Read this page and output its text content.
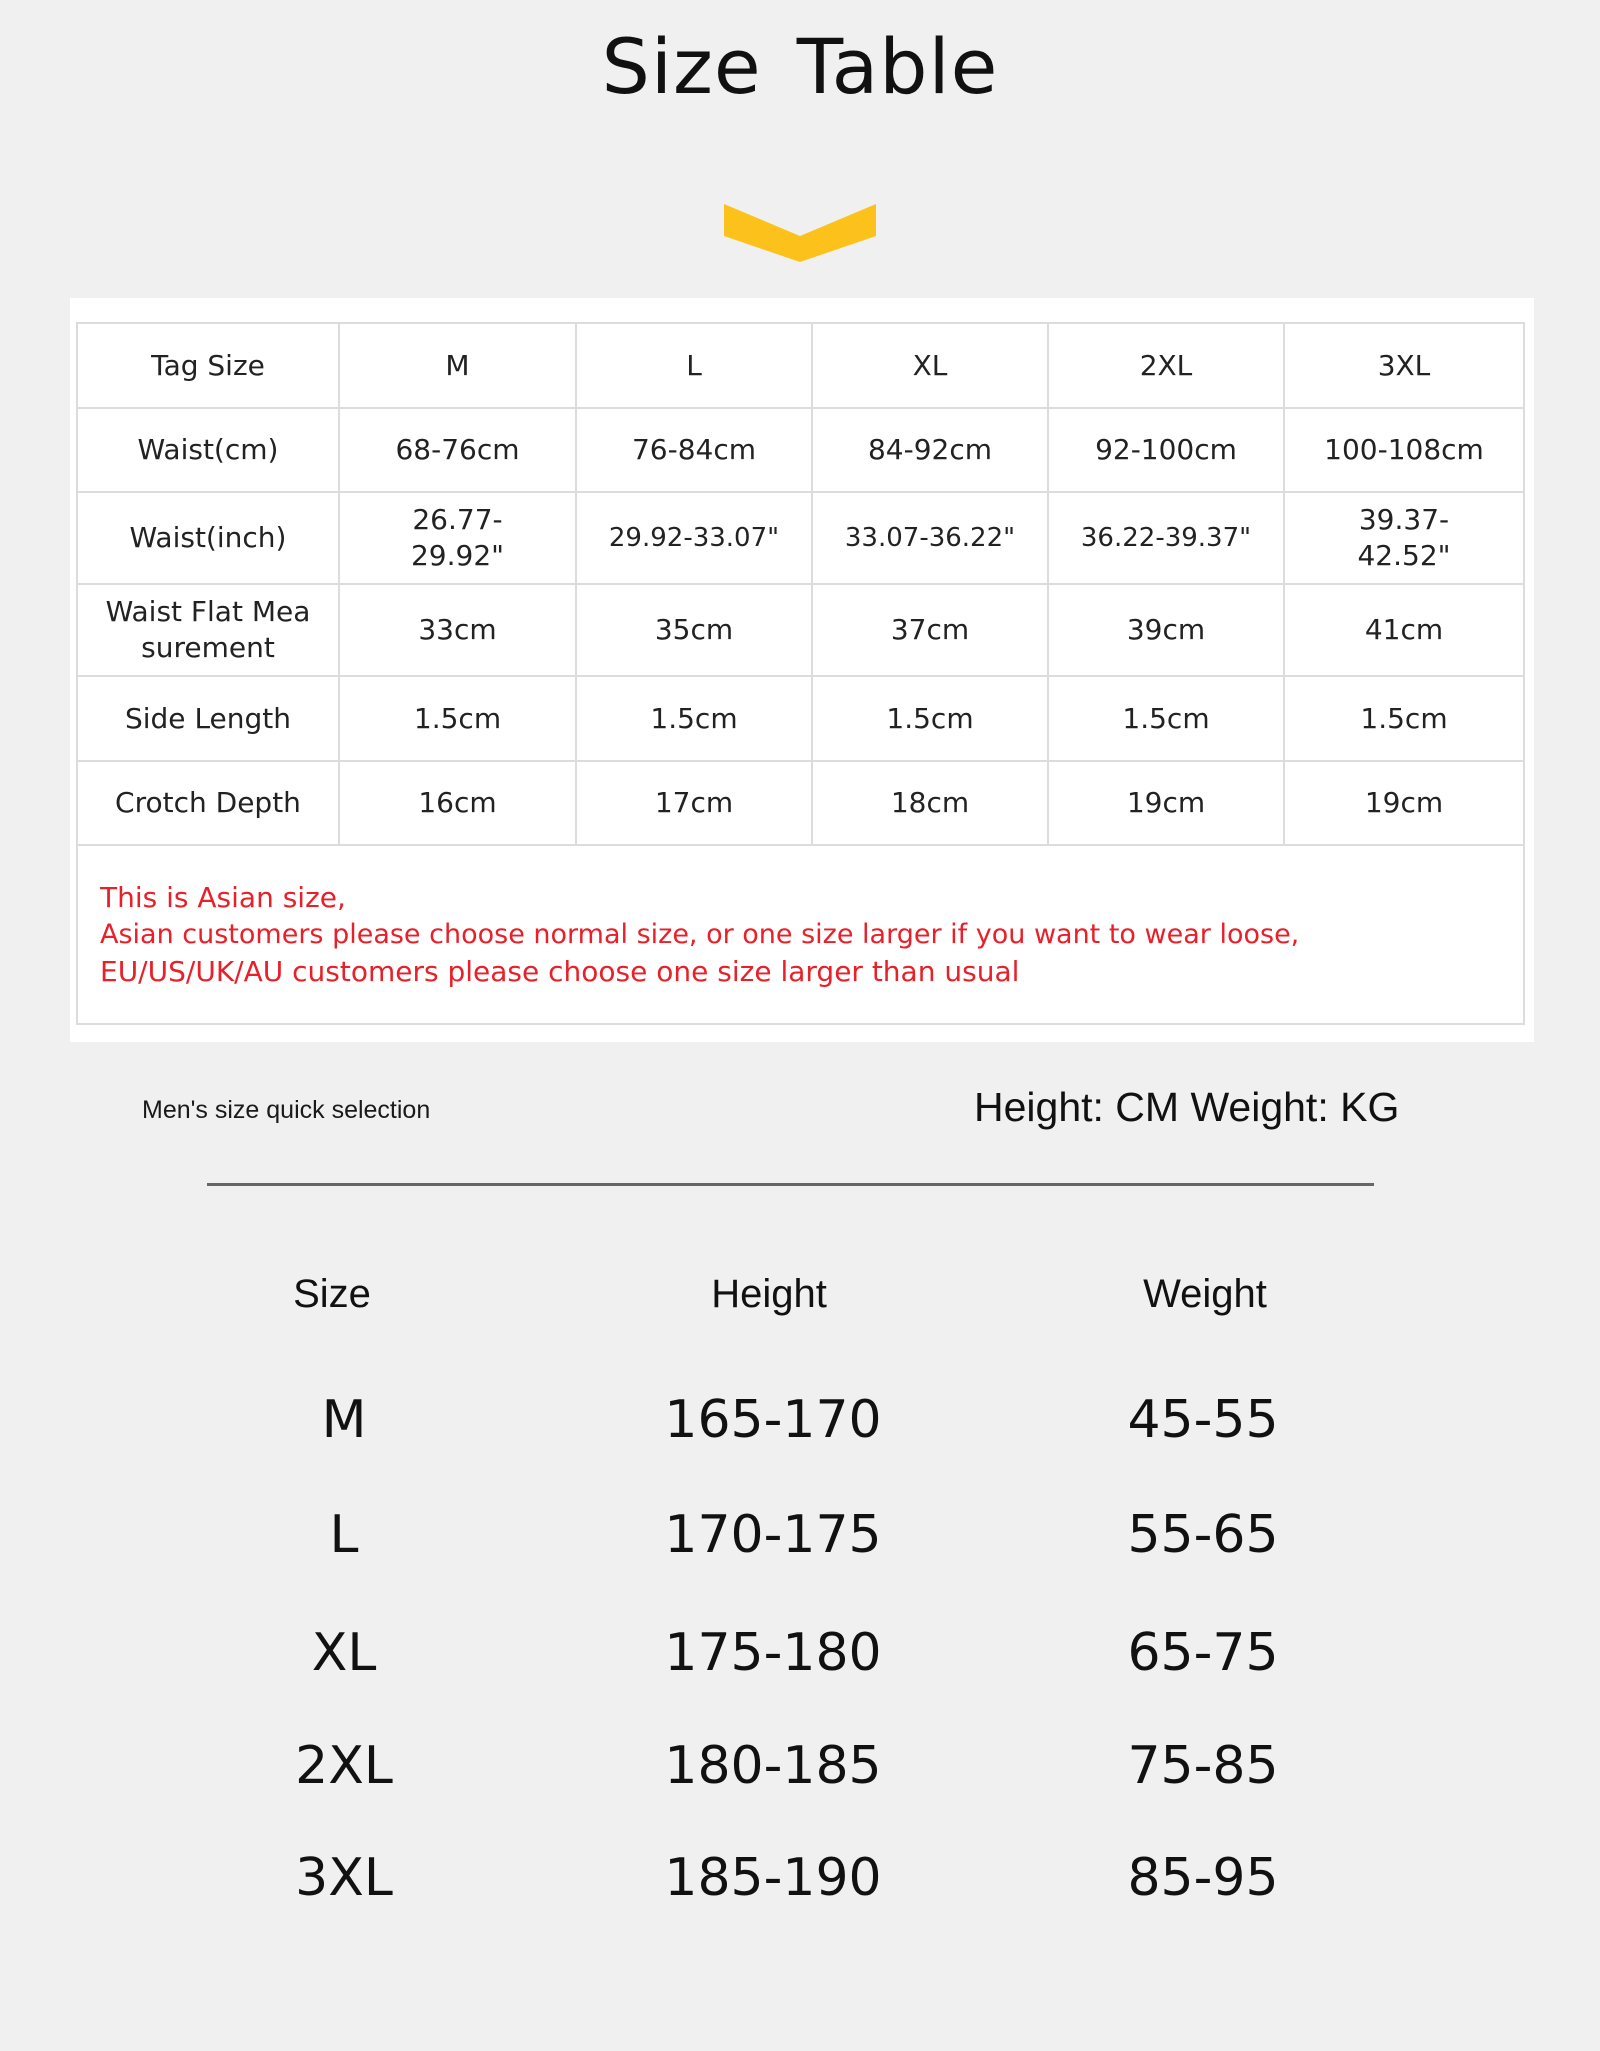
Size Table
Tag Size	M	L	XL	2XL	3XL
Waist(cm)	68-76cm	76-84cm	84-92cm	92-100cm	100-108cm
Waist(inch)	26.77-29.92"	29.92-33.07"	33.07-36.22"	36.22-39.37"	39.37-42.52"
Waist Flat Measurement	33cm	35cm	37cm	39cm	41cm
Side Length	1.5cm	1.5cm	1.5cm	1.5cm	1.5cm
Crotch Depth	16cm	17cm	18cm	19cm	19cm

This is Asian size,
Asian customers please choose normal size, or one size larger if you want to wear loose,
EU/US/UK/AU customers please choose one size larger than usual					
Men's size quick selection	Height: CM Weight: KG
Size	Height	Weight
M	165-170	45-55
L	170-175	55-65
XL	175-180	65-75
2XL	180-185	75-85
3XL	185-190	85-95
